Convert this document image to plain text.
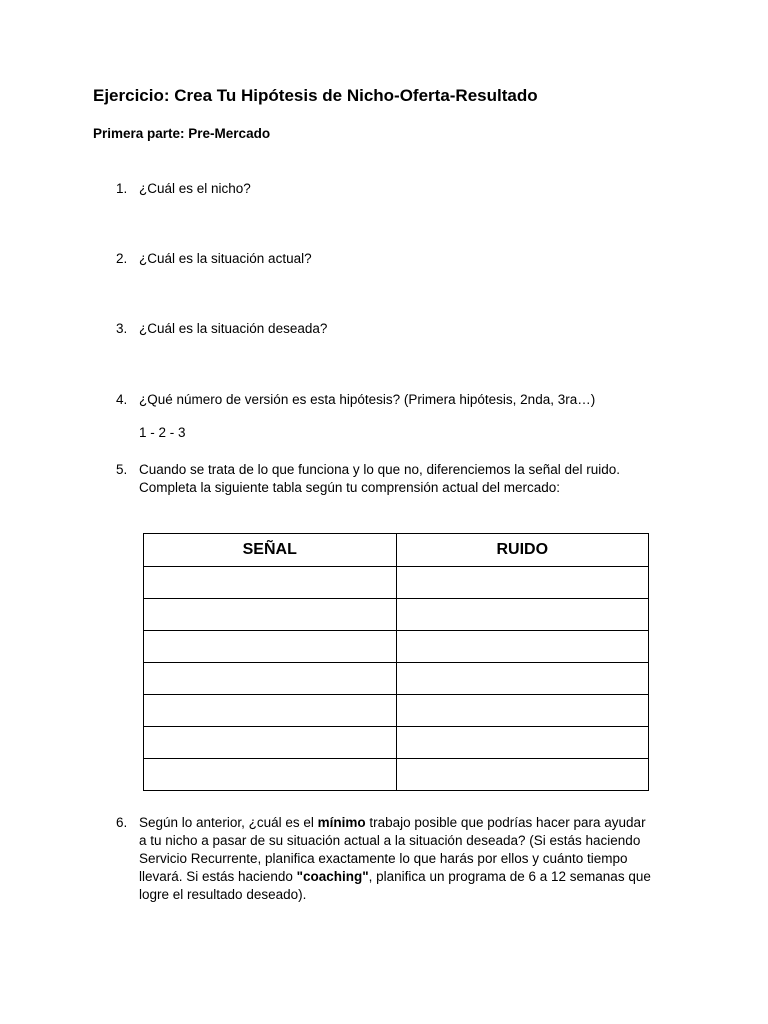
Ejercicio: Crea Tu Hipótesis de Nicho-Oferta-Resultado
Primera parte: Pre-Mercado
1. ¿Cuál es el nicho?
2. ¿Cuál es la situación actual?
3. ¿Cuál es la situación deseada?
4. ¿Qué número de versión es esta hipótesis? (Primera hipótesis, 2nda, 3ra…)
1 - 2 - 3
5. Cuando se trata de lo que funciona y lo que no, diferenciemos la señal del ruido.
Completa la siguiente tabla según tu comprensión actual del mercado:
SEÑAL	RUIDO

6. Según lo anterior, ¿cuál es el mínimo trabajo posible que podrías hacer para ayudar
a tu nicho a pasar de su situación actual a la situación deseada? (Si estás haciendo
Servicio Recurrente, planifica exactamente lo que harás por ellos y cuánto tiempo
llevará. Si estás haciendo "coaching", planifica un programa de 6 a 12 semanas que
logre el resultado deseado).
